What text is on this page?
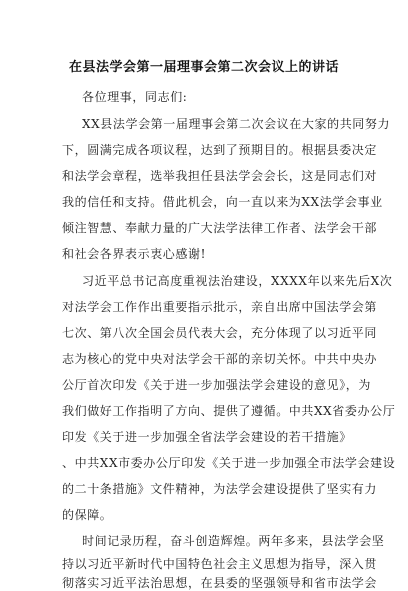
在县法学会第一届理事会第二次会议上的讲话
各位理事，同志们:
XX县法学会第一届理事会第二次会议在大家的共同努力
下，圆满完成各项议程，达到了预期目的。根据县委决定
和法学会章程，选举我担任县法学会会长，这是同志们对
我的信任和支持。借此机会，向一直以来为XX法学会事业
倾注智慧、奉献力量的广大法学法律工作者、法学会干部
和社会各界表示衷心感谢!
习近平总书记高度重视法治建设，XXXX年以来先后X次
对法学会工作作出重要指示批示，亲自出席中国法学会第
七次、第八次全国会员代表大会，充分体现了以习近平同
志为核心的党中央对法学会干部的亲切关怀。中共中央办
公厅首次印发《关于进一步加强法学会建设的意见》，为
我们做好工作指明了方向、提供了遵循。中共XX省委办公厅
印发《关于进一步加强全省法学会建设的若干措施》
、中共XX市委办公厅印发《关于进一步加强全市法学会建设
的二十条措施》文件精神，为法学会建设提供了坚实有力
的保障。
时间记录历程，奋斗创造辉煌。两年多来，县法学会坚
持以习近平新时代中国特色社会主义思想为指导，深入贯
彻落实习近平法治思想，在县委的坚强领导和省市法学会
